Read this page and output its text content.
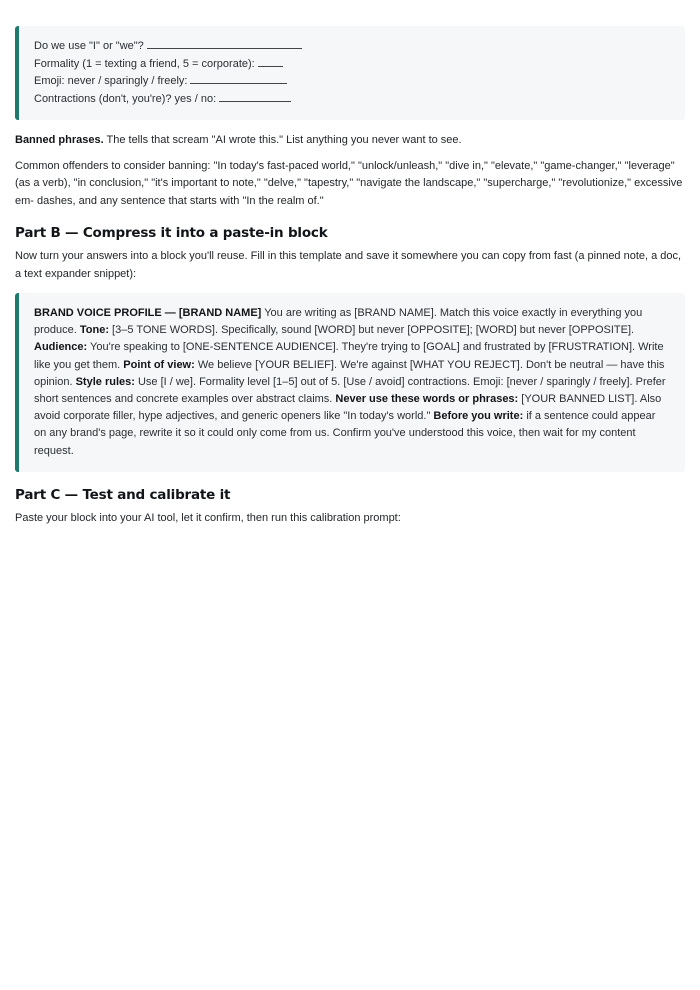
Do we use "I" or "we"?
Formality (1 = texting a friend, 5 = corporate):
Emoji: never / sparingly / freely:
Contractions (don't, you're)? yes / no:

Banned phrases. The tells that scream "AI wrote this." List anything you never want to see.

Common offenders to consider banning: "In today's fast-paced world," "unlock/unleash," "dive in," "elevate," "game-changer," "leverage" (as a verb), "in conclusion," "it's important to note," "delve," "tapestry," "navigate the landscape," "supercharge," "revolutionize," excessive em- dashes, and any sentence that starts with "In the realm of."

Part B — Compress it into a paste-in block

Now turn your answers into a block you'll reuse. Fill in this template and save it somewhere you can copy from fast (a pinned note, a doc, a text expander snippet):

BRAND VOICE PROFILE — [BRAND NAME] You are writing as [BRAND NAME]. Match this voice exactly in everything you produce. Tone: [3–5 TONE WORDS]. Specifically, sound [WORD] but never [OPPOSITE]; [WORD] but never [OPPOSITE]. Audience: You're speaking to [ONE-SENTENCE AUDIENCE]. They're trying to [GOAL] and frustrated by [FRUSTRATION]. Write like you get them. Point of view: We believe [YOUR BELIEF]. We're against [WHAT YOU REJECT]. Don't be neutral — have this opinion. Style rules: Use [I / we]. Formality level [1–5] out of 5. [Use / avoid] contractions. Emoji: [never / sparingly / freely]. Prefer short sentences and concrete examples over abstract claims. Never use these words or phrases: [YOUR BANNED LIST]. Also avoid corporate filler, hype adjectives, and generic openers like "In today's world." Before you write: if a sentence could appear on any brand's page, rewrite it so it could only come from us. Confirm you've understood this voice, then wait for my content request.
Part C — Test and calibrate it

Paste your block into your AI tool, let it confirm, then run this calibration prompt:
